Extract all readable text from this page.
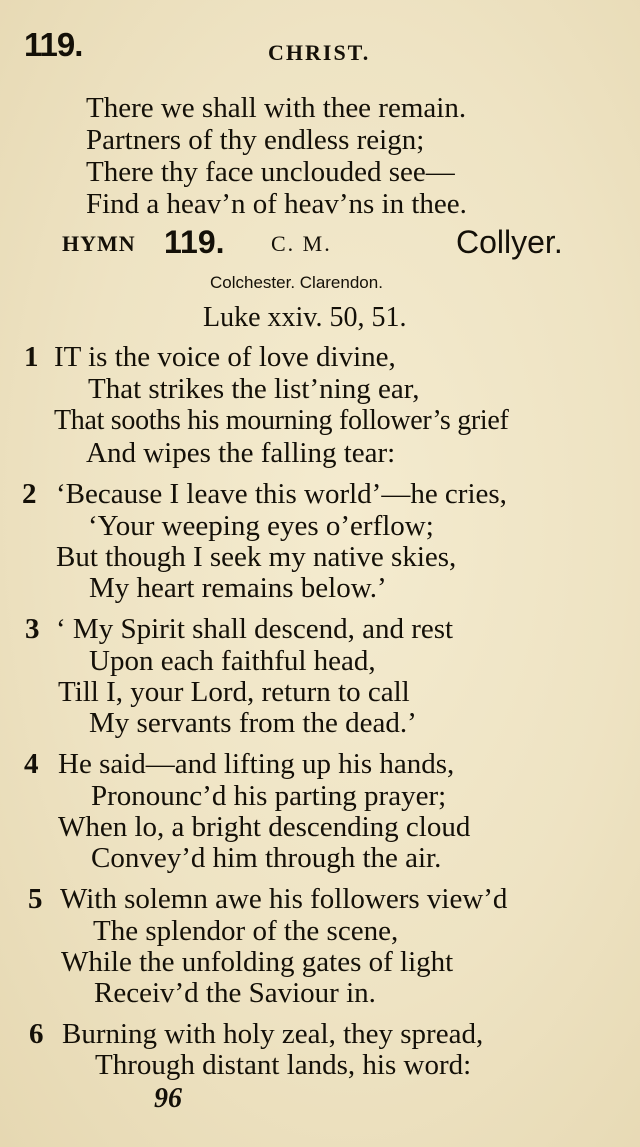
119.	CHRIST.
There we shall with thee remain.
Partners of thy endless reign;
There thy face unclouded see—
Find a heav’n of heav’ns in thee.
HYMN 119. C. M.	Collyer.
Colchester. Clarendon.
Luke xxiv. 50, 51.
1 IT is the voice of love divine,
That strikes the list’ning ear,
That sooths his mourning follower’s grief
And wipes the falling tear:
2 ‘Because I leave this world’—he cries,
‘Your weeping eyes o’erflow;
But though I seek my native skies,
My heart remains below.’
3 ‘ My Spirit shall descend, and rest
Upon each faithful head,
Till I, your Lord, return to call
My servants from the dead.’
4 He said—and lifting up his hands,
Pronounc’d his parting prayer;
When lo, a bright descending cloud
Convey’d him through the air.
5 With solemn awe his followers view’d
The splendor of the scene,
While the unfolding gates of light
Receiv’d the Saviour in.
6 Burning with holy zeal, they spread,
Through distant lands, his word:
96
